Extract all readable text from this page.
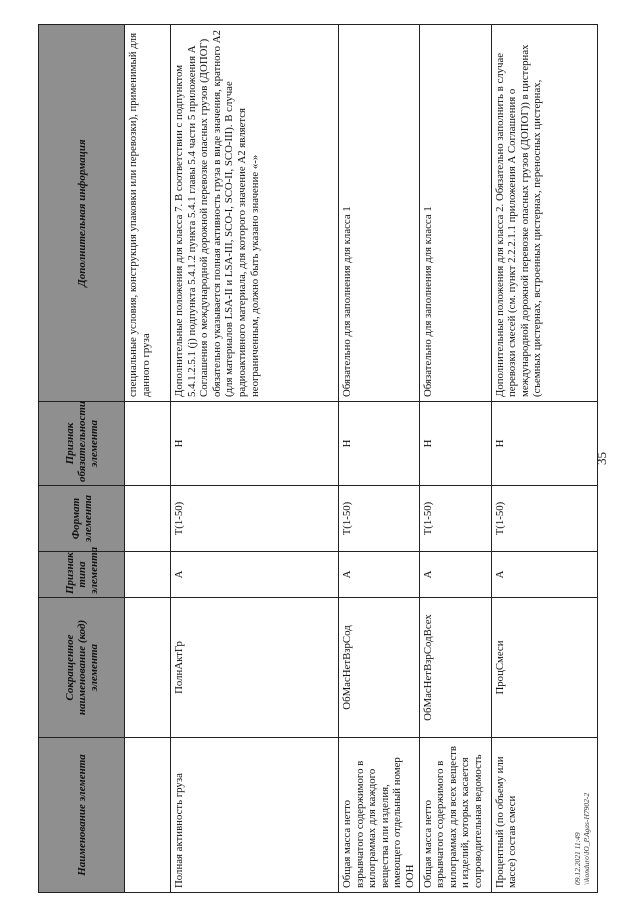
35
Наименование элемента	Сокращенное наименование (код) элемента	Признак типа элемента	Формат элемента	Признак обязательности элемента	Дополнительная информация
					специальные условия, конструкция упаковки или перевозки), применимый для данного груза
Полная активность груза	ПолнАктГр	А	T(1-50)	Н	Дополнительные положения для класса 7. В соответствии с подпунктом 5.4.1.2.5.1 (j) подпункта 5.4.1.2 пункта 5.4.1 главы 5.4 части 5 приложения А Соглашения о международной дорожной перевозке опасных грузов (ДОПОГ) обязательно указывается полная активность груза в виде значения, кратного А2 (для материалов LSA-II и LSA-III, SCO-I, SCO-II, SCO-III). В случае радиоактивного материала, для которого значение А2 является неограниченным, должно быть указано значение «-»
Общая масса нетто взрывчатого содержимого в килограммах для каждого вещества или изделия, имеющего отдельный номер ООН	ОбМасНетВзрСод	А	T(1-50)	Н	Обязательно для заполнения для класса 1
Общая масса нетто взрывчатого содержимого в килограммах для всех веществ и изделий, которых касается сопроводительная ведомость	ОбМасНетВзрСодВсех	А	T(1-50)	Н	Обязательно для заполнения для класса 1
Процентный (по объему или массе) состав смеси	ПроцСмеси	А	T(1-50)	Н	Дополнительные положения для класса 2. Обязательно заполнить в случае перевозки смесей (см. пункт 2.2.2.1.1 приложения А Соглашения о международной дорожной перевозке опасных грузов (ДОПОГ)) в цистернах (съемных цистернах, встроенных цистернах, переносных цистернах,
09.12.2021 11:49 \\konduro\Ю_P.Agas-H7902-2
